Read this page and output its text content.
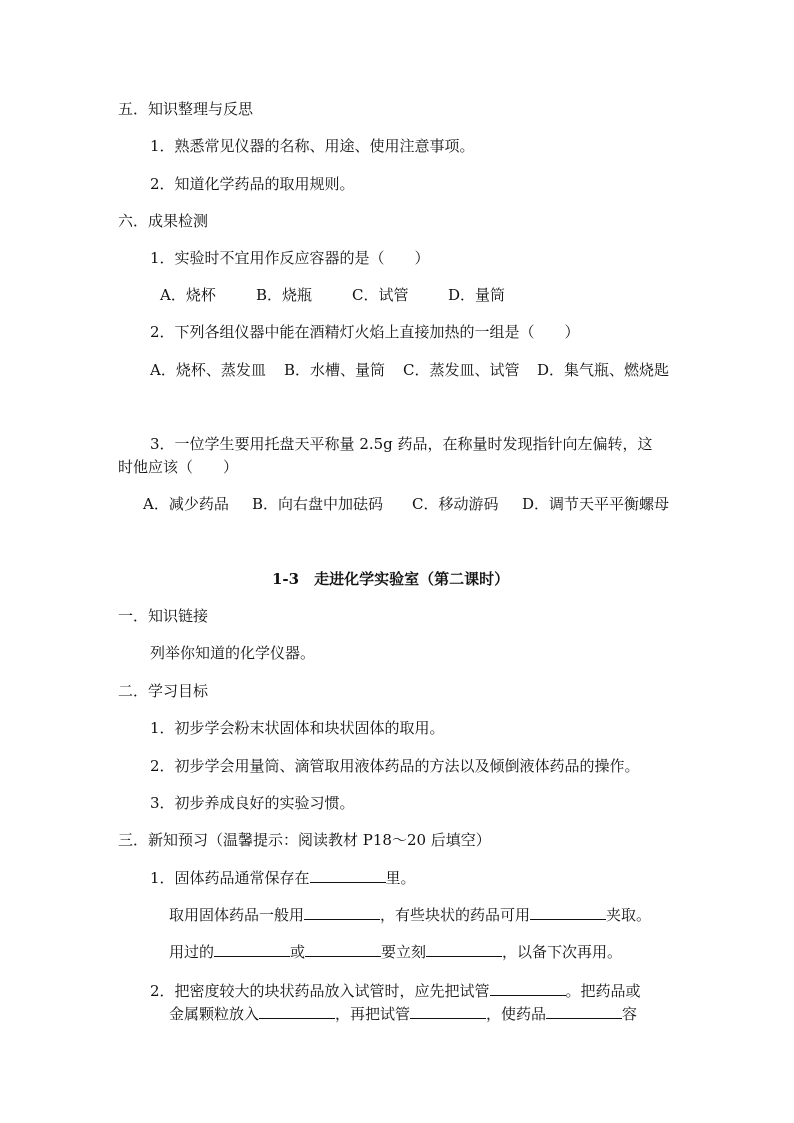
五．知识整理与反思
1．熟悉常见仪器的名称、用途、使用注意事项。
2．知道化学药品的取用规则。
六．成果检测
1．实验时不宜用作反应容器的是（　　）
A．烧杯	B．烧瓶	C．试管	D．量筒
2．下列各组仪器中能在酒精灯火焰上直接加热的一组是（　　）
A．烧杯、蒸发皿 B．水槽、量筒 C．蒸发皿、试管 D．集气瓶、燃烧匙
3．一位学生要用托盘天平称量 2.5g 药品，在称量时发现指针向左偏转，这
时他应该（　　）
A．减少药品 B．向右盘中加砝码 C．移动游码 D．调节天平平衡螺母
1-3　走进化学实验室（第二课时）
一．知识链接
列举你知道的化学仪器。
二．学习目标
1．初步学会粉末状固体和块状固体的取用。
2．初步学会用量筒、滴管取用液体药品的方法以及倾倒液体药品的操作。
3．初步养成良好的实验习惯。
三．新知预习（温馨提示：阅读教材 P18～20 后填空）
1．固体药品通常保存在	里。
取用固体药品一般用	，有些块状的药品可用	夹取。
用过的	或	要立刻	，以备下次再用。
2．把密度较大的块状药品放入试管时，应先把试管	。把药品或
金属颗粒放入	，再把试管	，使药品	容
